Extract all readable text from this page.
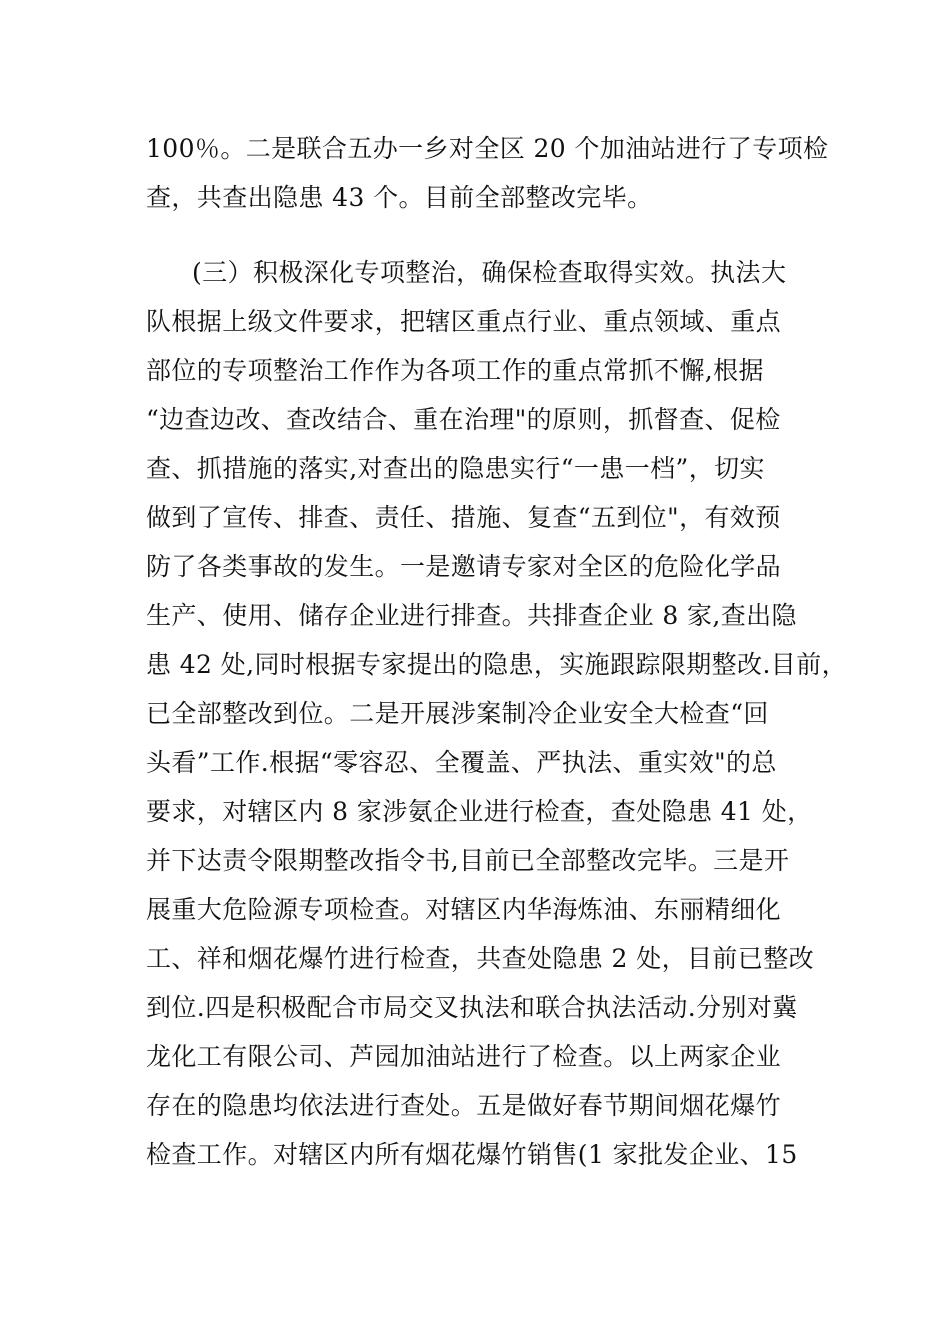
100％。二是联合五办一乡对全区 20 个加油站进行了专项检
查，共查出隐患 43 个。目前全部整改完毕。
(三）积极深化专项整治，确保检查取得实效。执法大
队根据上级文件要求，把辖区重点行业、重点领域、重点
部位的专项整治工作作为各项工作的重点常抓不懈,根据
“边查边改、查改结合、重在治理"的原则，抓督查、促检
查、抓措施的落实,对查出的隐患实行“一患一档”，切实
做到了宣传、排查、责任、措施、复查“五到位"，有效预
防了各类事故的发生。一是邀请专家对全区的危险化学品
生产、使用、储存企业进行排查。共排查企业 8 家,查出隐
患 42 处,同时根据专家提出的隐患，实施跟踪限期整改.目前，
已全部整改到位。二是开展涉案制冷企业安全大检查“回
头看”工作.根据“零容忍、全覆盖、严执法、重实效"的总
要求，对辖区内 8 家涉氨企业进行检查，查处隐患 41 处，
并下达责令限期整改指令书,目前已全部整改完毕。三是开
展重大危险源专项检查。对辖区内华海炼油、东丽精细化
工、祥和烟花爆竹进行检查，共查处隐患 2 处，目前已整改
到位.四是积极配合市局交叉执法和联合执法活动.分别对冀
龙化工有限公司、芦园加油站进行了检查。以上两家企业
存在的隐患均依法进行查处。五是做好春节期间烟花爆竹
检查工作。对辖区内所有烟花爆竹销售(1 家批发企业、15
